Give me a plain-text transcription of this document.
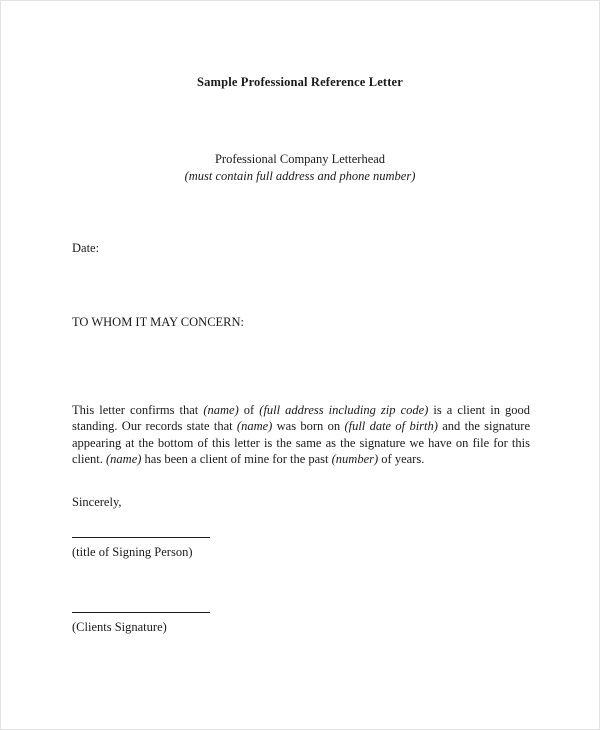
Sample Professional Reference Letter
Professional Company Letterhead
(must contain full address and phone number)
Date:
TO WHOM IT MAY CONCERN:

This letter confirms that (name) of (full address including zip code) is a client in good standing. Our records state that (name) was born on (full date of birth) and the signature appearing at the bottom of this letter is the same as the signature we have on file for this client. (name) has been a client of mine for the past (number) of years.

Sincerely,
(title of Signing Person)
(Clients Signature)
